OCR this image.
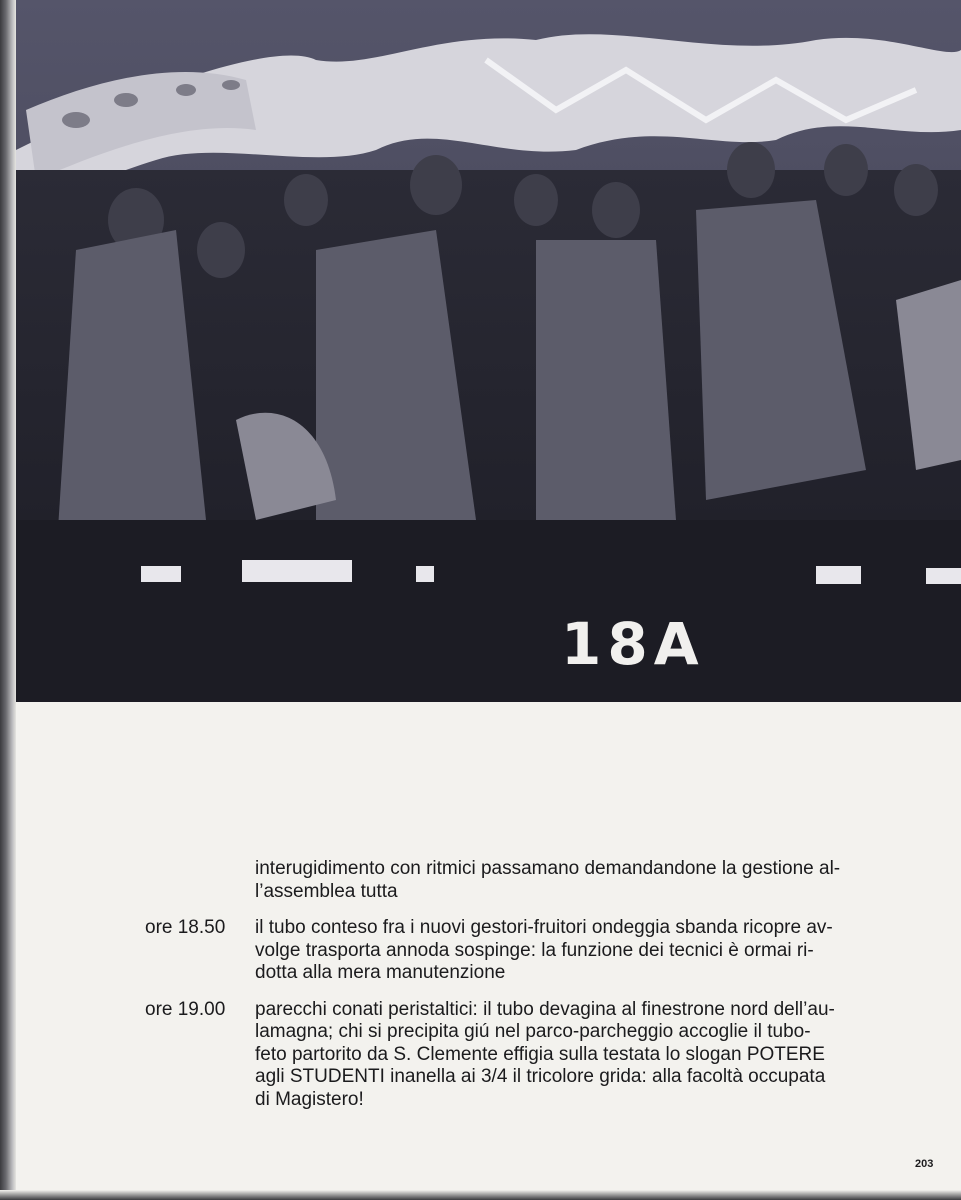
18A
interugidimento con ritmici passamano demandandone la gestione al-
l’assemblea tutta
ore 18.50	il tubo conteso fra i nuovi gestori-fruitori ondeggia sbanda ricopre av-
volge trasporta annoda sospinge: la funzione dei tecnici è ormai ri-
dotta alla mera manutenzione
ore 19.00	parecchi conati peristaltici: il tubo devagina al finestrone nord dell’au-
lamagna; chi si precipita giú nel parco-parcheggio accoglie il tubo-
feto partorito da S. Clemente effigia sulla testata lo slogan POTERE
agli STUDENTI inanella ai 3/4 il tricolore grida: alla facoltà occupata
di Magistero!
203
